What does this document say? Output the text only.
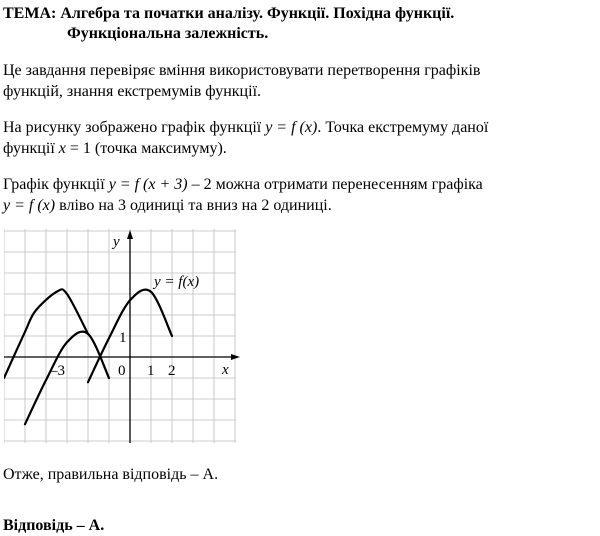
ТЕМА: Алгебра та початки аналізу. Функції. Похідна функції.
Функціональна залежність.
Це завдання перевіряє вміння використовувати перетворення графіків
функцій, знання екстремумів функції.
На рисунку зображено графік функції y = f (x). Точка екстремуму даної
функції x = 1 (точка максимуму).
Графік функції y = f (x + 3) – 2 можна отримати перенесенням графіка
y = f (x) вліво на 3 одиниці та вниз на 2 одиниці.
y
x
y = f(x)
–3	0 1 2
1
Отже, правильна відповідь – А.
Відповідь – А.
